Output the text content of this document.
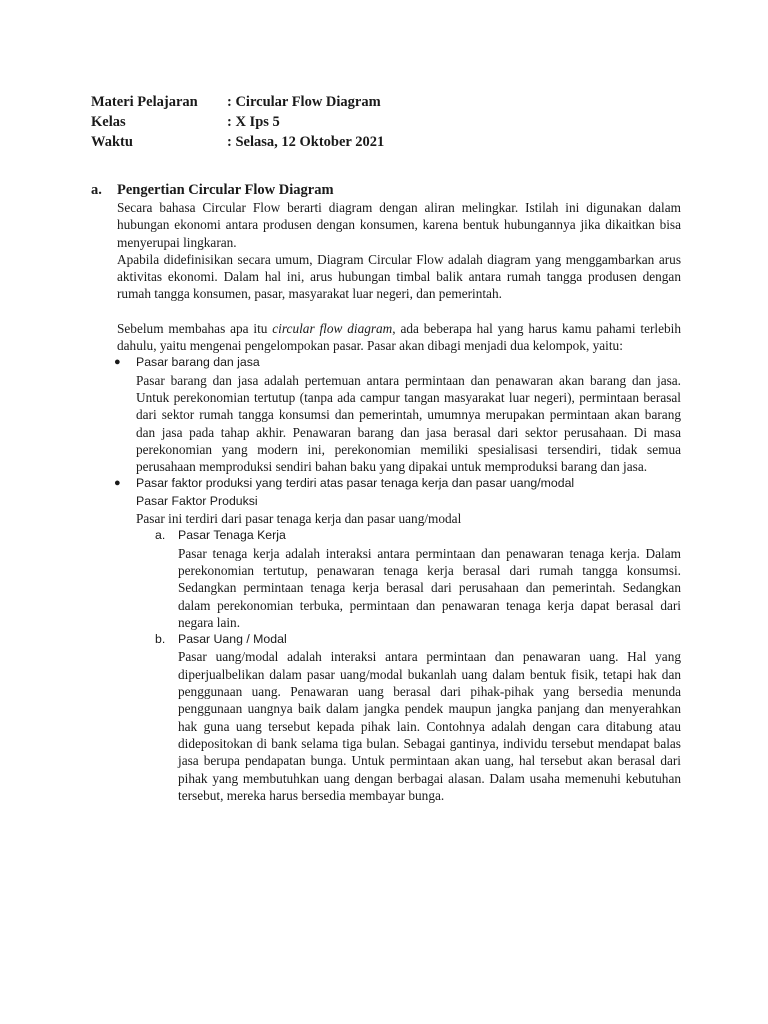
Materi Pelajaran	: Circular Flow Diagram
Kelas	: X Ips 5
Waktu	: Selasa, 12 Oktober 2021
a.	Pengertian Circular Flow Diagram

Secara bahasa Circular Flow berarti diagram dengan aliran melingkar. Istilah ini digunakan dalam hubungan ekonomi antara produsen dengan konsumen, karena bentuk hubungannya jika dikaitkan bisa menyerupai lingkaran.

Apabila didefinisikan secara umum, Diagram Circular Flow adalah diagram yang menggambarkan arus aktivitas ekonomi. Dalam hal ini, arus hubungan timbal balik antara rumah tangga produsen dengan rumah tangga konsumen, pasar, masyarakat luar negeri, dan pemerintah.

Sebelum membahas apa itu circular flow diagram, ada beberapa hal yang harus kamu pahami terlebih dahulu, yaitu mengenai pengelompokan pasar. Pasar akan dibagi menjadi dua kelompok, yaitu:

●	Pasar barang dan jasa

Pasar barang dan jasa adalah pertemuan antara permintaan dan penawaran akan barang dan jasa. Untuk perekonomian tertutup (tanpa ada campur tangan masyarakat luar negeri), permintaan berasal dari sektor rumah tangga konsumsi dan pemerintah, umumnya merupakan permintaan akan barang dan jasa pada tahap akhir. Penawaran barang dan jasa berasal dari sektor perusahaan. Di masa perekonomian yang modern ini, perekonomian memiliki spesialisasi tersendiri, tidak semua perusahaan memproduksi sendiri bahan baku yang dipakai untuk memproduksi barang dan jasa.

●	Pasar faktor produksi yang terdiri atas pasar tenaga kerja dan pasar uang/modal
Pasar Faktor Produksi
Pasar ini terdiri dari pasar tenaga kerja dan pasar uang/modal
a.	Pasar Tenaga Kerja

Pasar tenaga kerja adalah interaksi antara permintaan dan penawaran tenaga kerja. Dalam perekonomian tertutup, penawaran tenaga kerja berasal dari rumah tangga konsumsi. Sedangkan permintaan tenaga kerja berasal dari perusahaan dan pemerintah. Sedangkan dalam perekonomian terbuka, permintaan dan penawaran tenaga kerja dapat berasal dari negara lain.

b.	Pasar Uang / Modal

Pasar uang/modal adalah interaksi antara permintaan dan penawaran uang. Hal yang diperjualbelikan dalam pasar uang/modal bukanlah uang dalam bentuk fisik, tetapi hak dan penggunaan uang. Penawaran uang berasal dari pihak-pihak yang bersedia menunda penggunaan uangnya baik dalam jangka pendek maupun jangka panjang dan menyerahkan hak guna uang tersebut kepada pihak lain. Contohnya adalah dengan cara ditabung atau didepositokan di bank selama tiga bulan. Sebagai gantinya, individu tersebut mendapat balas jasa berupa pendapatan bunga. Untuk permintaan akan uang, hal tersebut akan berasal dari pihak yang membutuhkan uang dengan berbagai alasan. Dalam usaha memenuhi kebutuhan tersebut, mereka harus bersedia membayar bunga.
